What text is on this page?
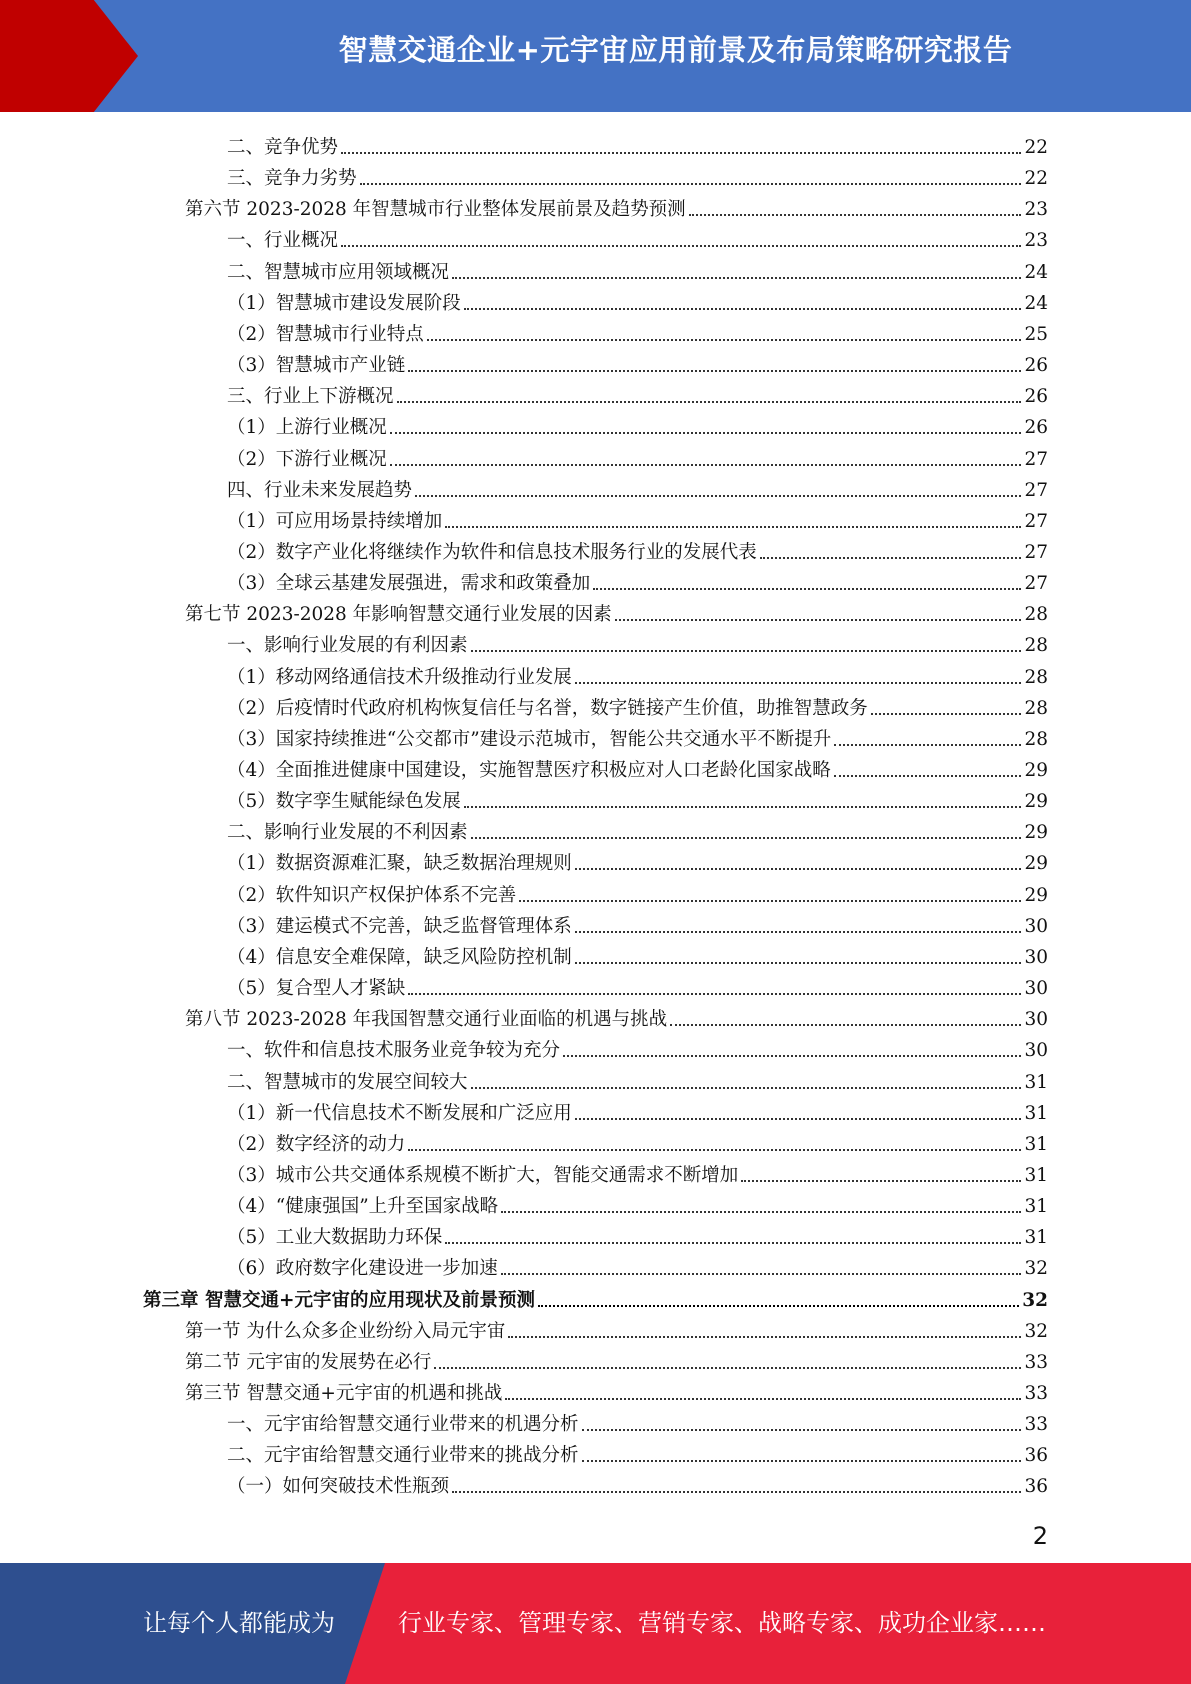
智慧交通企业+元宇宙应用前景及布局策略研究报告
二、竞争优势	22
三、竞争力劣势	22
第六节 2023-2028 年智慧城市行业整体发展前景及趋势预测	23
一、行业概况	23
二、智慧城市应用领域概况	24
（1）智慧城市建设发展阶段	24
（2）智慧城市行业特点	25
（3）智慧城市产业链	26
三、行业上下游概况	26
（1）上游行业概况	26
（2）下游行业概况	27
四、行业未来发展趋势	27
（1）可应用场景持续增加	27
（2）数字产业化将继续作为软件和信息技术服务行业的发展代表	27
（3）全球云基建发展强进，需求和政策叠加	27
第七节 2023-2028 年影响智慧交通行业发展的因素	28
一、影响行业发展的有利因素	28
（1）移动网络通信技术升级推动行业发展	28
（2）后疫情时代政府机构恢复信任与名誉，数字链接产生价值，助推智慧政务	28
（3）国家持续推进“公交都市”建设示范城市，智能公共交通水平不断提升	28
（4）全面推进健康中国建设，实施智慧医疗积极应对人口老龄化国家战略	29
（5）数字孪生赋能绿色发展	29
二、影响行业发展的不利因素	29
（1）数据资源难汇聚，缺乏数据治理规则	29
（2）软件知识产权保护体系不完善	29
（3）建运模式不完善，缺乏监督管理体系	30
（4）信息安全难保障，缺乏风险防控机制	30
（5）复合型人才紧缺	30
第八节 2023-2028 年我国智慧交通行业面临的机遇与挑战	30
一、软件和信息技术服务业竞争较为充分	30
二、智慧城市的发展空间较大	31
（1）新一代信息技术不断发展和广泛应用	31
（2）数字经济的动力	31
（3）城市公共交通体系规模不断扩大，智能交通需求不断增加	31
（4）“健康强国”上升至国家战略	31
（5）工业大数据助力环保	31
（6）政府数字化建设进一步加速	32
第三章 智慧交通+元宇宙的应用现状及前景预测	32
第一节 为什么众多企业纷纷入局元宇宙	32
第二节 元宇宙的发展势在必行	33
第三节 智慧交通+元宇宙的机遇和挑战	33
一、元宇宙给智慧交通行业带来的机遇分析	33
二、元宇宙给智慧交通行业带来的挑战分析	36
（一）如何突破技术性瓶颈	36
2
让每个人都能成为	行业专家、管理专家、营销专家、战略专家、成功企业家……
